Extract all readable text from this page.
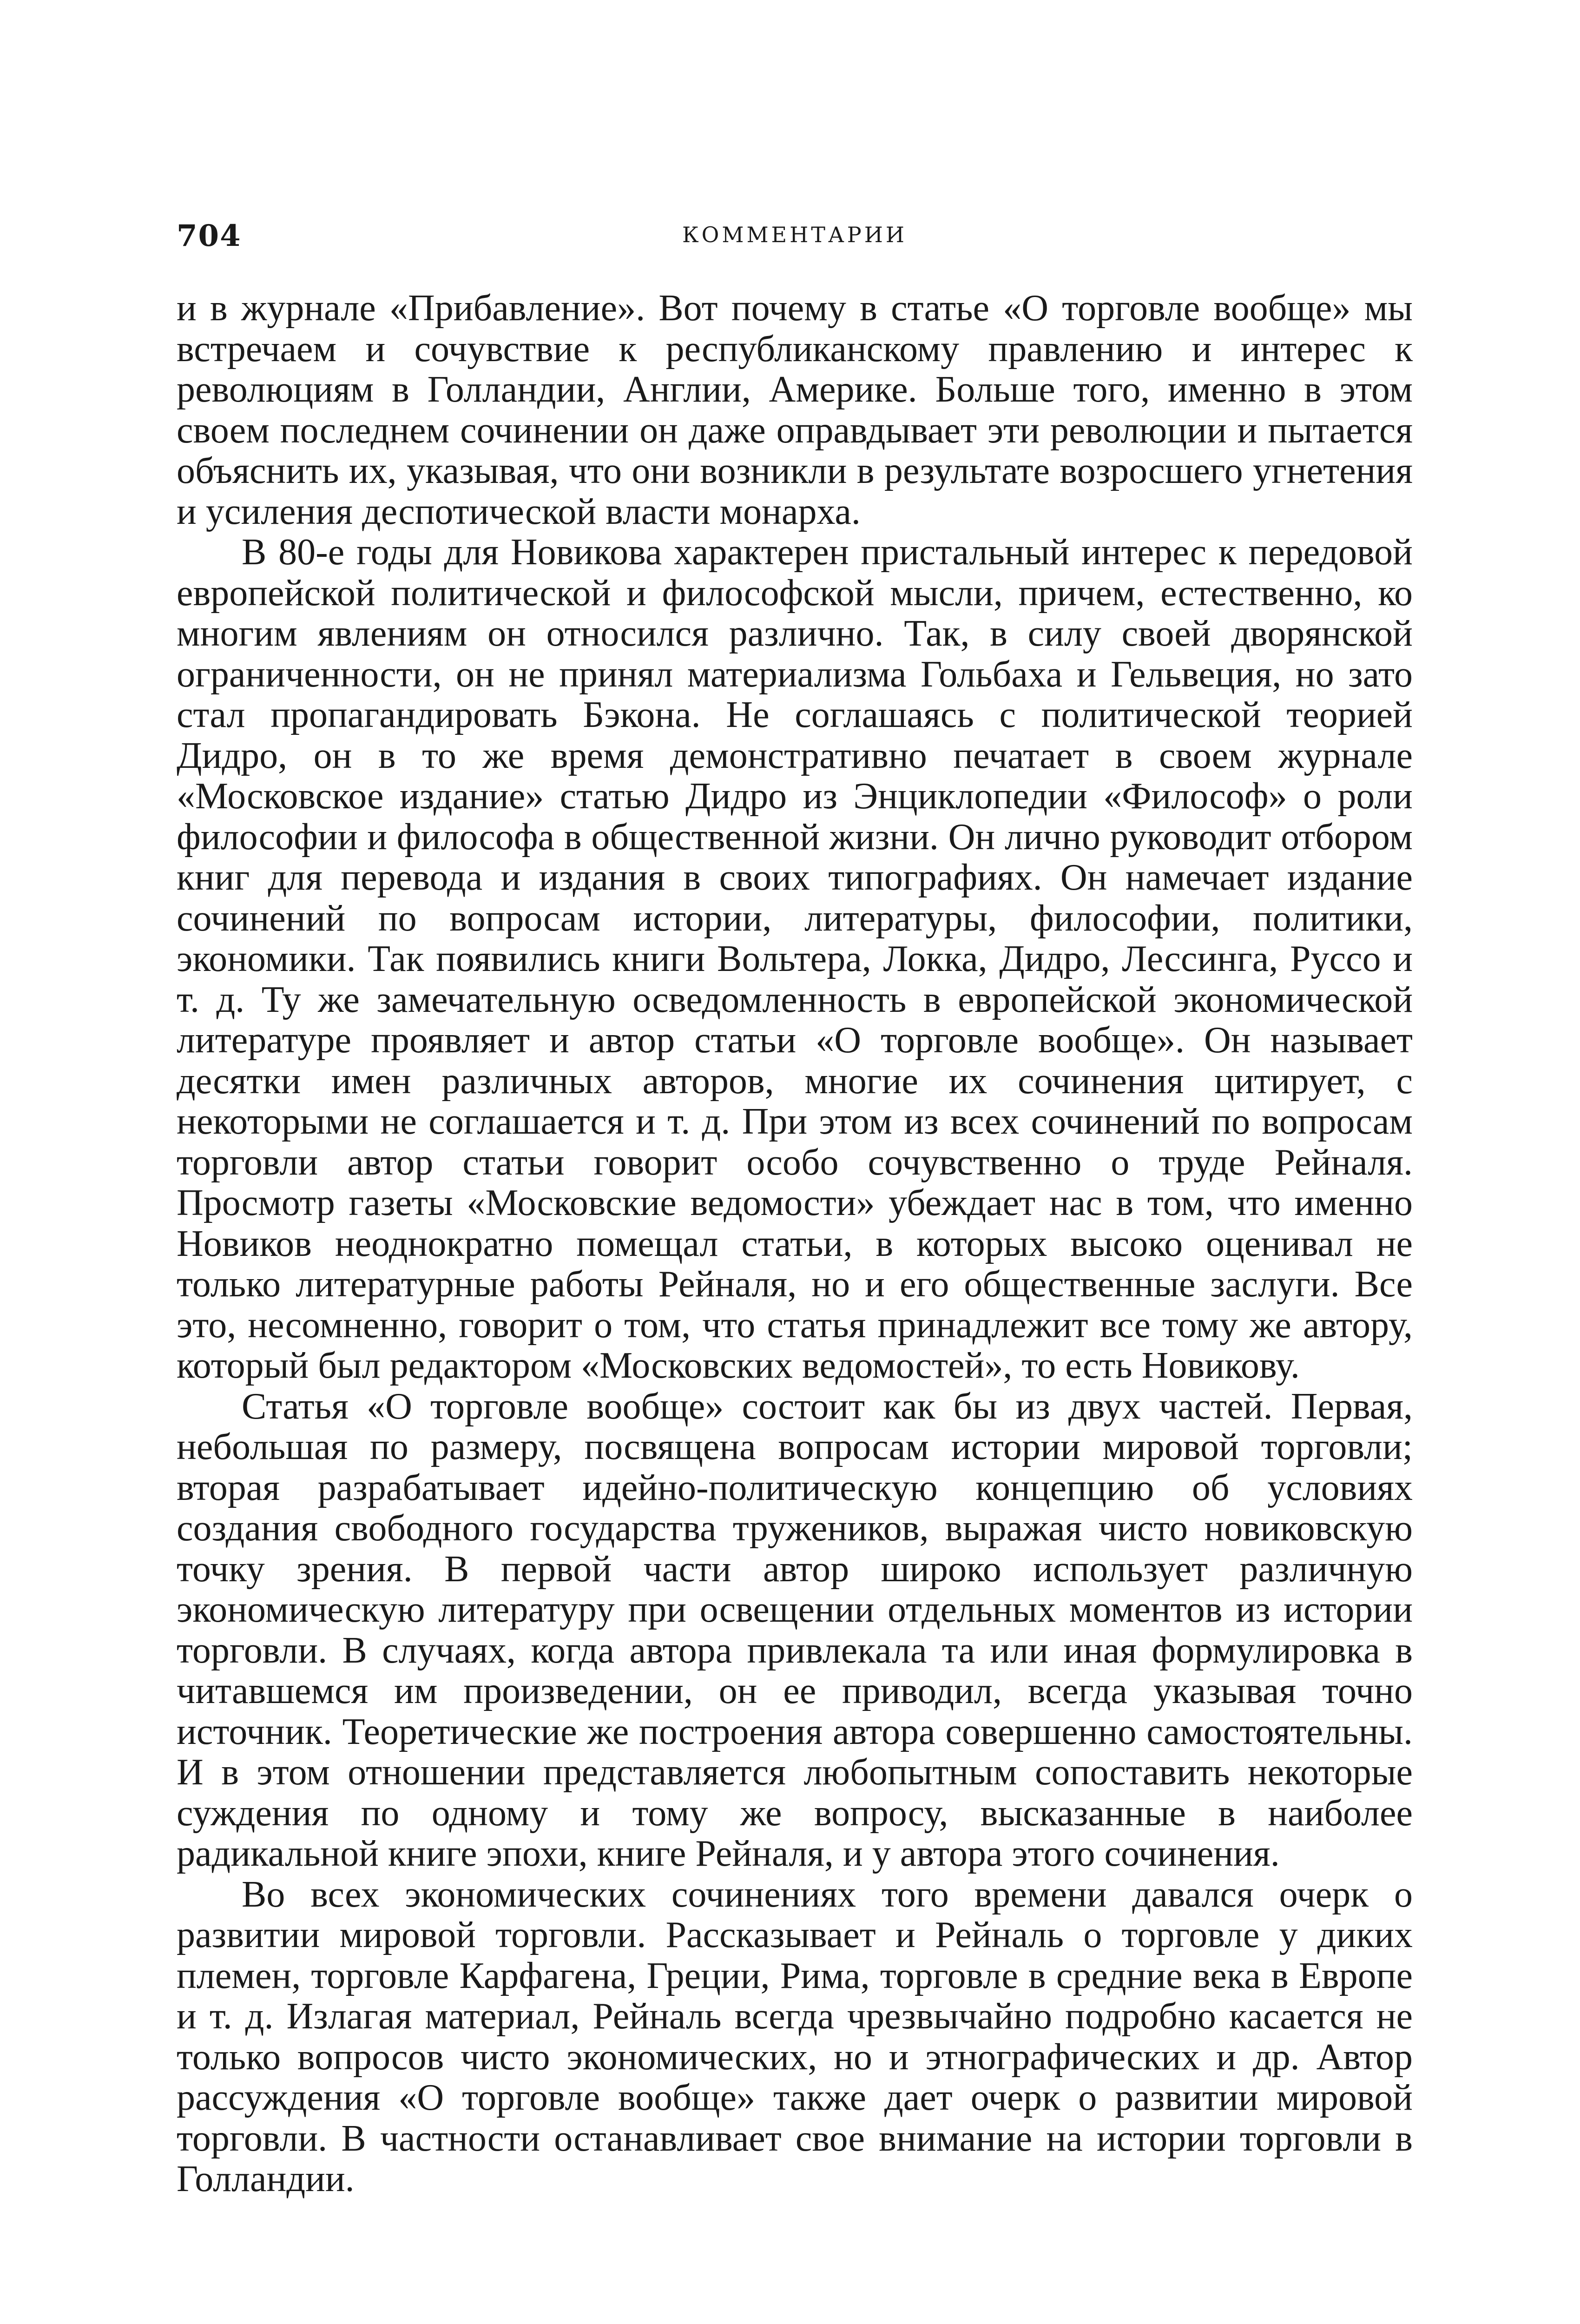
704	КОММЕНТАРИИ

и в журнале «Прибавление». Вот почему в статье «О торговле вообще» мы встречаем и сочувствие к республиканскому правлению и интерес к революциям в Голландии, Англии, Америке. Больше того, именно в этом своем последнем сочинении он даже оправдывает эти революции и пытается объяснить их, указывая, что они возникли в результате возросшего угнетения и усиления деспотической власти монарха.

В 80-е годы для Новикова характерен пристальный интерес к передовой европейской политической и философской мысли, причем, естественно, ко многим явлениям он относился различно. Так, в силу своей дворянской ограниченности, он не принял материализма Гольбаха и Гельвеция, но зато стал пропагандировать Бэкона. Не соглашаясь с политической теорией Дидро, он в то же время демонстративно печатает в своем журнале «Московское издание» статью Дидро из Энциклопедии «Философ» о роли философии и философа в общественной жизни. Он лично руководит отбором книг для перевода и издания в своих типографиях. Он намечает издание сочинений по вопросам истории, литературы, философии, политики, экономики. Так появились книги Вольтера, Локка, Дидро, Лессинга, Руссо и т. д. Ту же замечательную осведомленность в европейской экономической литературе проявляет и автор статьи «О торговле вообще». Он называет десятки имен различных авторов, многие их сочинения цитирует, с некоторыми не соглашается и т. д. При этом из всех сочинений по вопросам торговли автор статьи говорит особо сочувственно о труде Рейналя. Просмотр газеты «Московские ведомости» убеждает нас в том, что именно Новиков неоднократно помещал статьи, в которых высоко оценивал не только литературные работы Рейналя, но и его общественные заслуги. Все это, несомненно, говорит о том, что статья принадлежит все тому же автору, который был редактором «Московских ведомостей», то есть Новикову.

Статья «О торговле вообще» состоит как бы из двух частей. Первая, небольшая по размеру, посвящена вопросам истории мировой торговли; вторая разрабатывает идейно-политическую концепцию об условиях создания свободного государства тружеников, выражая чисто новиковскую точку зрения. В первой части автор широко использует различную экономическую литературу при освещении отдельных моментов из истории торговли. В случаях, когда автора привлекала та или иная формулировка в читавшемся им произведении, он ее приводил, всегда указывая точно источник. Теоретические же построения автора совершенно самостоятельны. И в этом отношении представляется любопытным сопоставить некоторые суждения по одному и тому же вопросу, высказанные в наиболее радикальной книге эпохи, книге Рейналя, и у автора этого сочинения.

Во всех экономических сочинениях того времени давался очерк о развитии мировой торговли. Рассказывает и Рейналь о торговле у диких племен, торговле Карфагена, Греции, Рима, торговле в средние века в Европе и т. д. Излагая материал, Рейналь всегда чрезвычайно подробно касается не только вопросов чисто экономических, но и этнографических и др. Автор рассуждения «О торговле вообще» также дает очерк о развитии мировой торговли. В частности останавливает свое внимание на истории торговли в Голландии.
